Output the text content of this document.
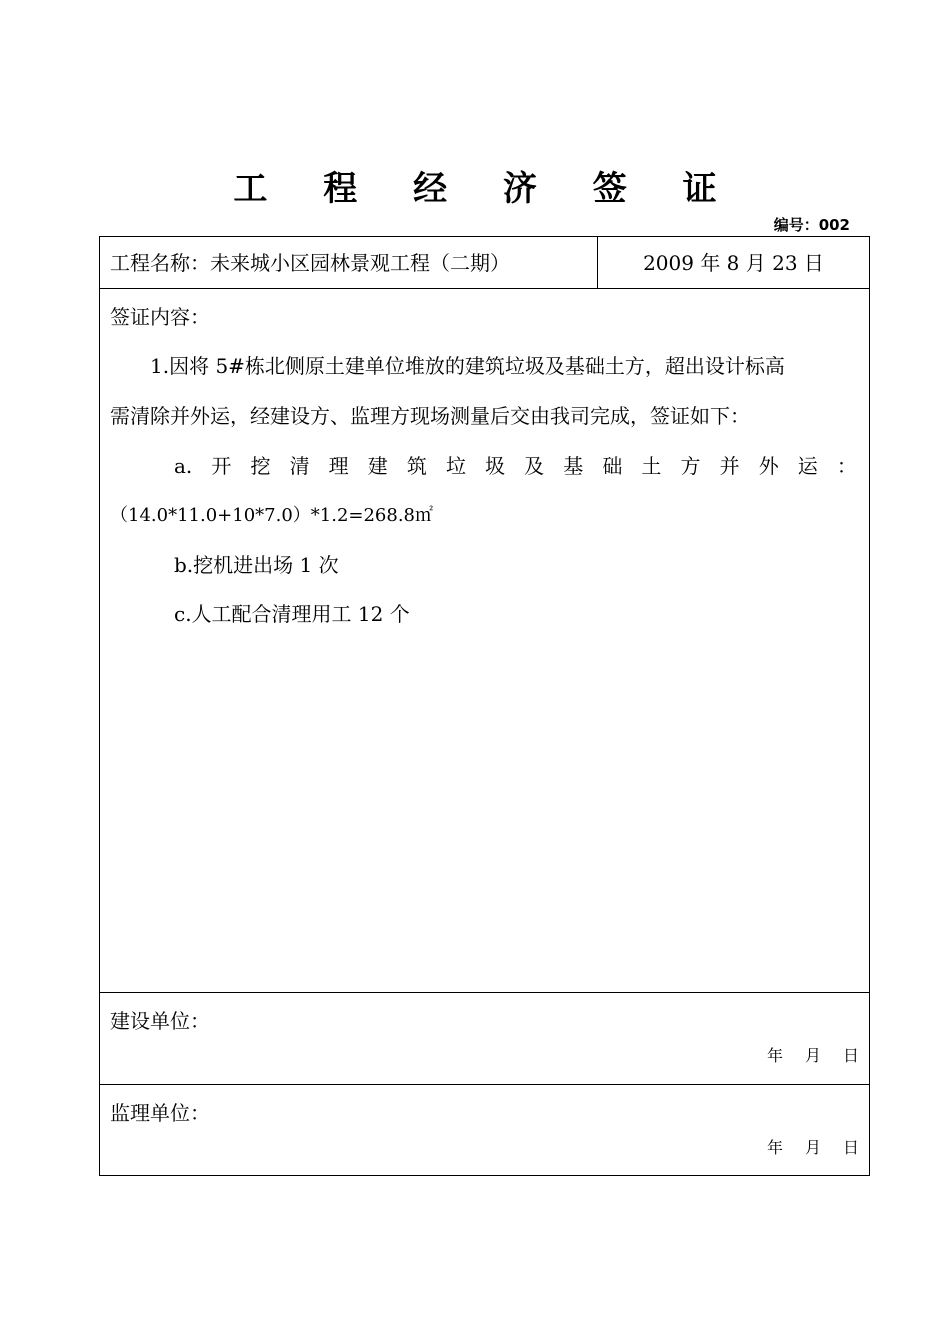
工 程 经 济 签 证
编号：002
工程名称：未来城小区园林景观工程（二期）	2009 年 8 月 23 日
签证内容：
1.因将 5#栋北侧原土建单位堆放的建筑垃圾及基础土方，超出设计标高
需清除并外运，经建设方、监理方现场测量后交由我司完成，签证如下：
a. 开 挖 清 理 建 筑 垃 圾 及 基 础 土 方 并 外 运 ：
（14.0*11.0+10*7.0）*1.2=268.8㎡
b.挖机进出场 1 次
c.人工配合清理用工 12 个
建设单位：
年 月 日
监理单位：
年 月 日
